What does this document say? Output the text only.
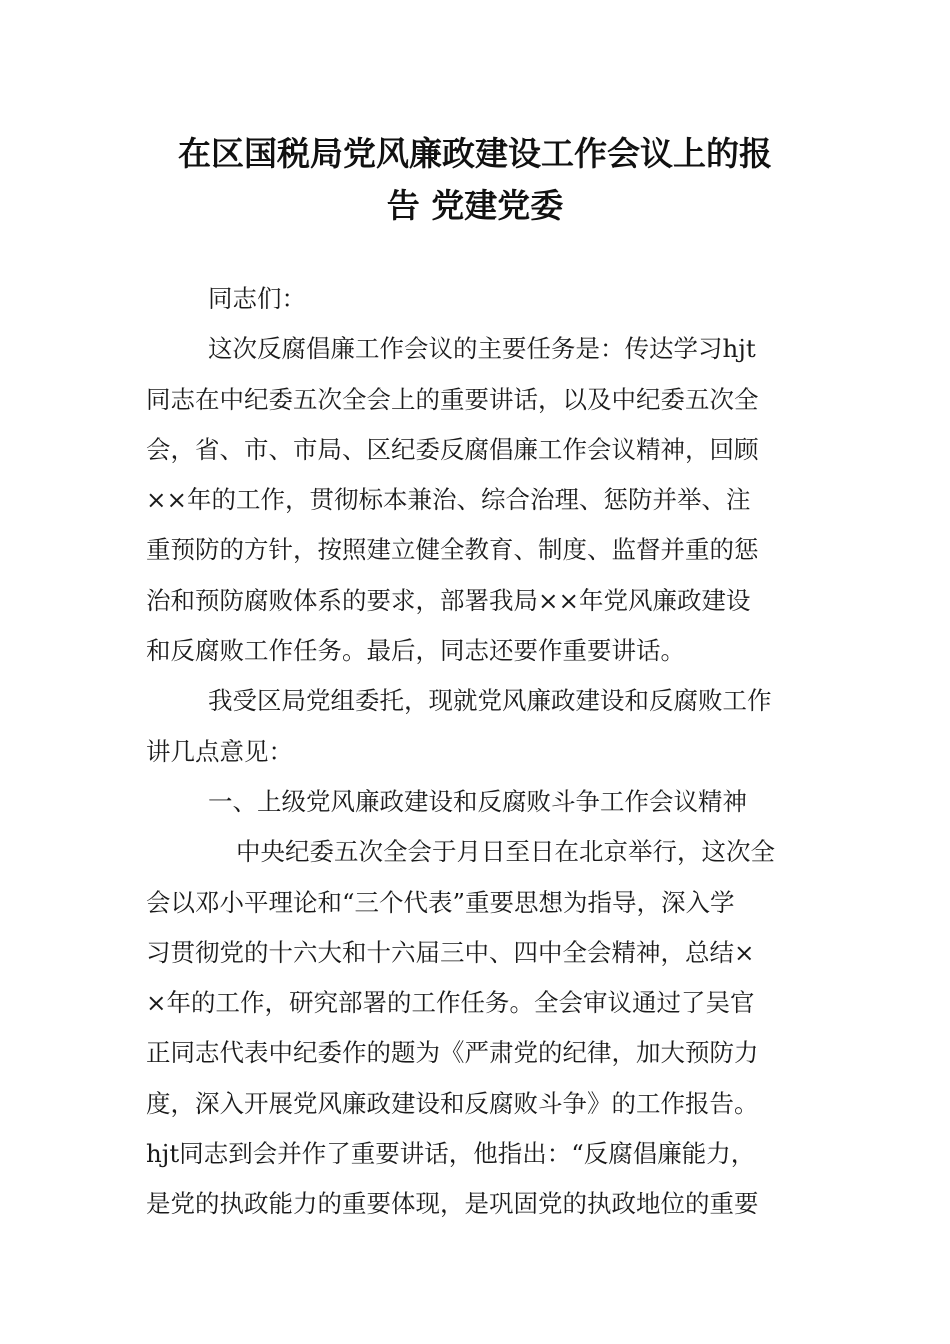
在区国税局党风廉政建设工作会议上的报
告 党建党委
同志们：
这次反腐倡廉工作会议的主要任务是：传达学习hjt
同志在中纪委五次全会上的重要讲话，以及中纪委五次全
会，省、市、市局、区纪委反腐倡廉工作会议精神，回顾
××年的工作，贯彻标本兼治、综合治理、惩防并举、注
重预防的方针，按照建立健全教育、制度、监督并重的惩
治和预防腐败体系的要求，部署我局××年党风廉政建设
和反腐败工作任务。最后，同志还要作重要讲话。
我受区局党组委托，现就党风廉政建设和反腐败工作
讲几点意见：
一、上级党风廉政建设和反腐败斗争工作会议精神
中央纪委五次全会于月日至日在北京举行，这次全
会以邓小平理论和“三个代表”重要思想为指导，深入学
习贯彻党的十六大和十六届三中、四中全会精神，总结×
×年的工作，研究部署的工作任务。全会审议通过了吴官
正同志代表中纪委作的题为《严肃党的纪律，加大预防力
度，深入开展党风廉政建设和反腐败斗争》的工作报告。
hjt同志到会并作了重要讲话，他指出：“反腐倡廉能力，
是党的执政能力的重要体现，是巩固党的执政地位的重要
